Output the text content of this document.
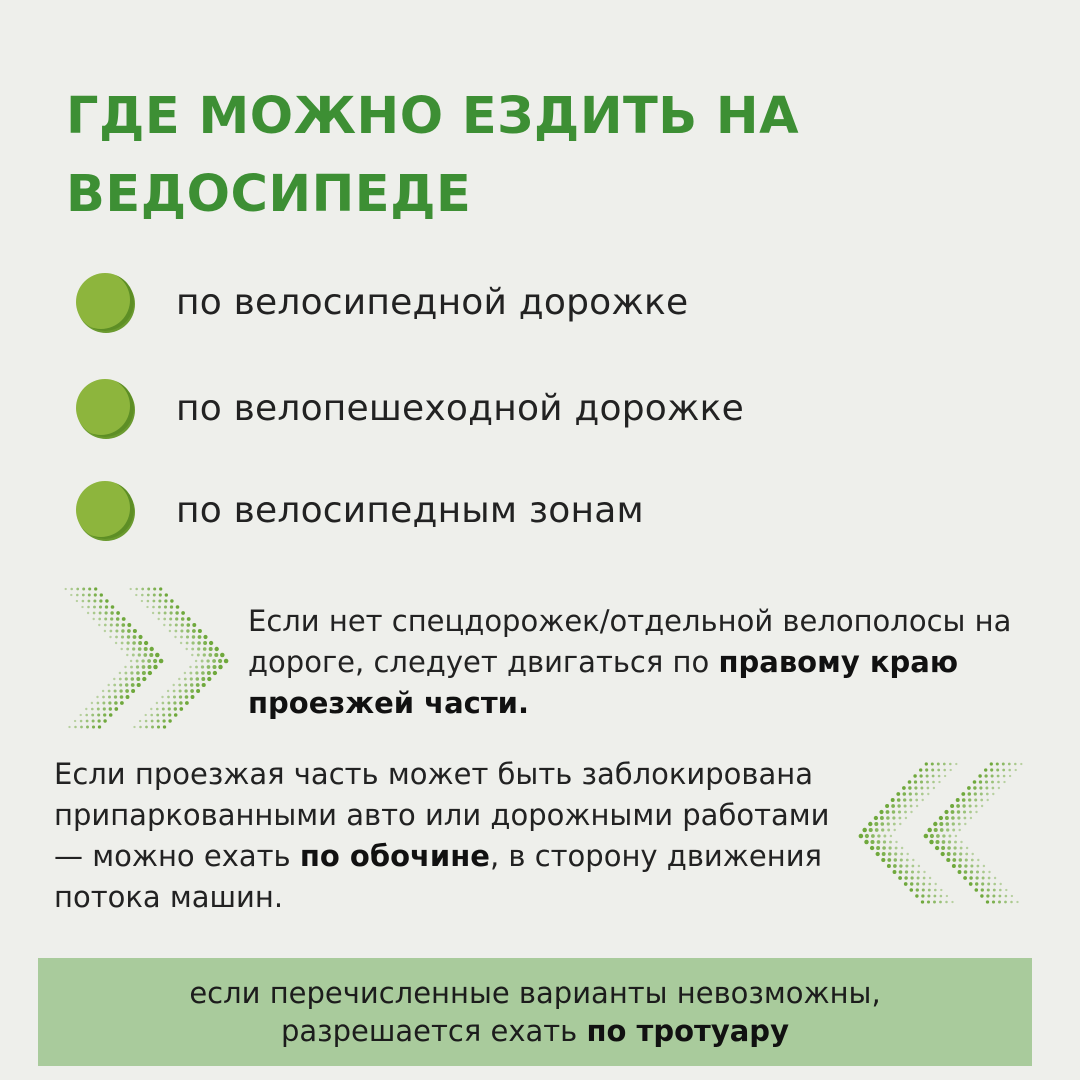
ГДЕ МОЖНО ЕЗДИТЬ НА
ВЕДОСИПЕДЕ
по велосипедной дорожке
по велопешеходной дорожке
по велосипедным зонам
Если нет спецдорожек/отдельной велополосы на дороге, следует двигаться по правому краю проезжей части.
Если проезжая часть может быть заблокирована припаркованными авто или дорожными работами — можно ехать по обочине, в сторону движения потока машин.
если перечисленные варианты невозможны,
разрешается ехать по тротуару
